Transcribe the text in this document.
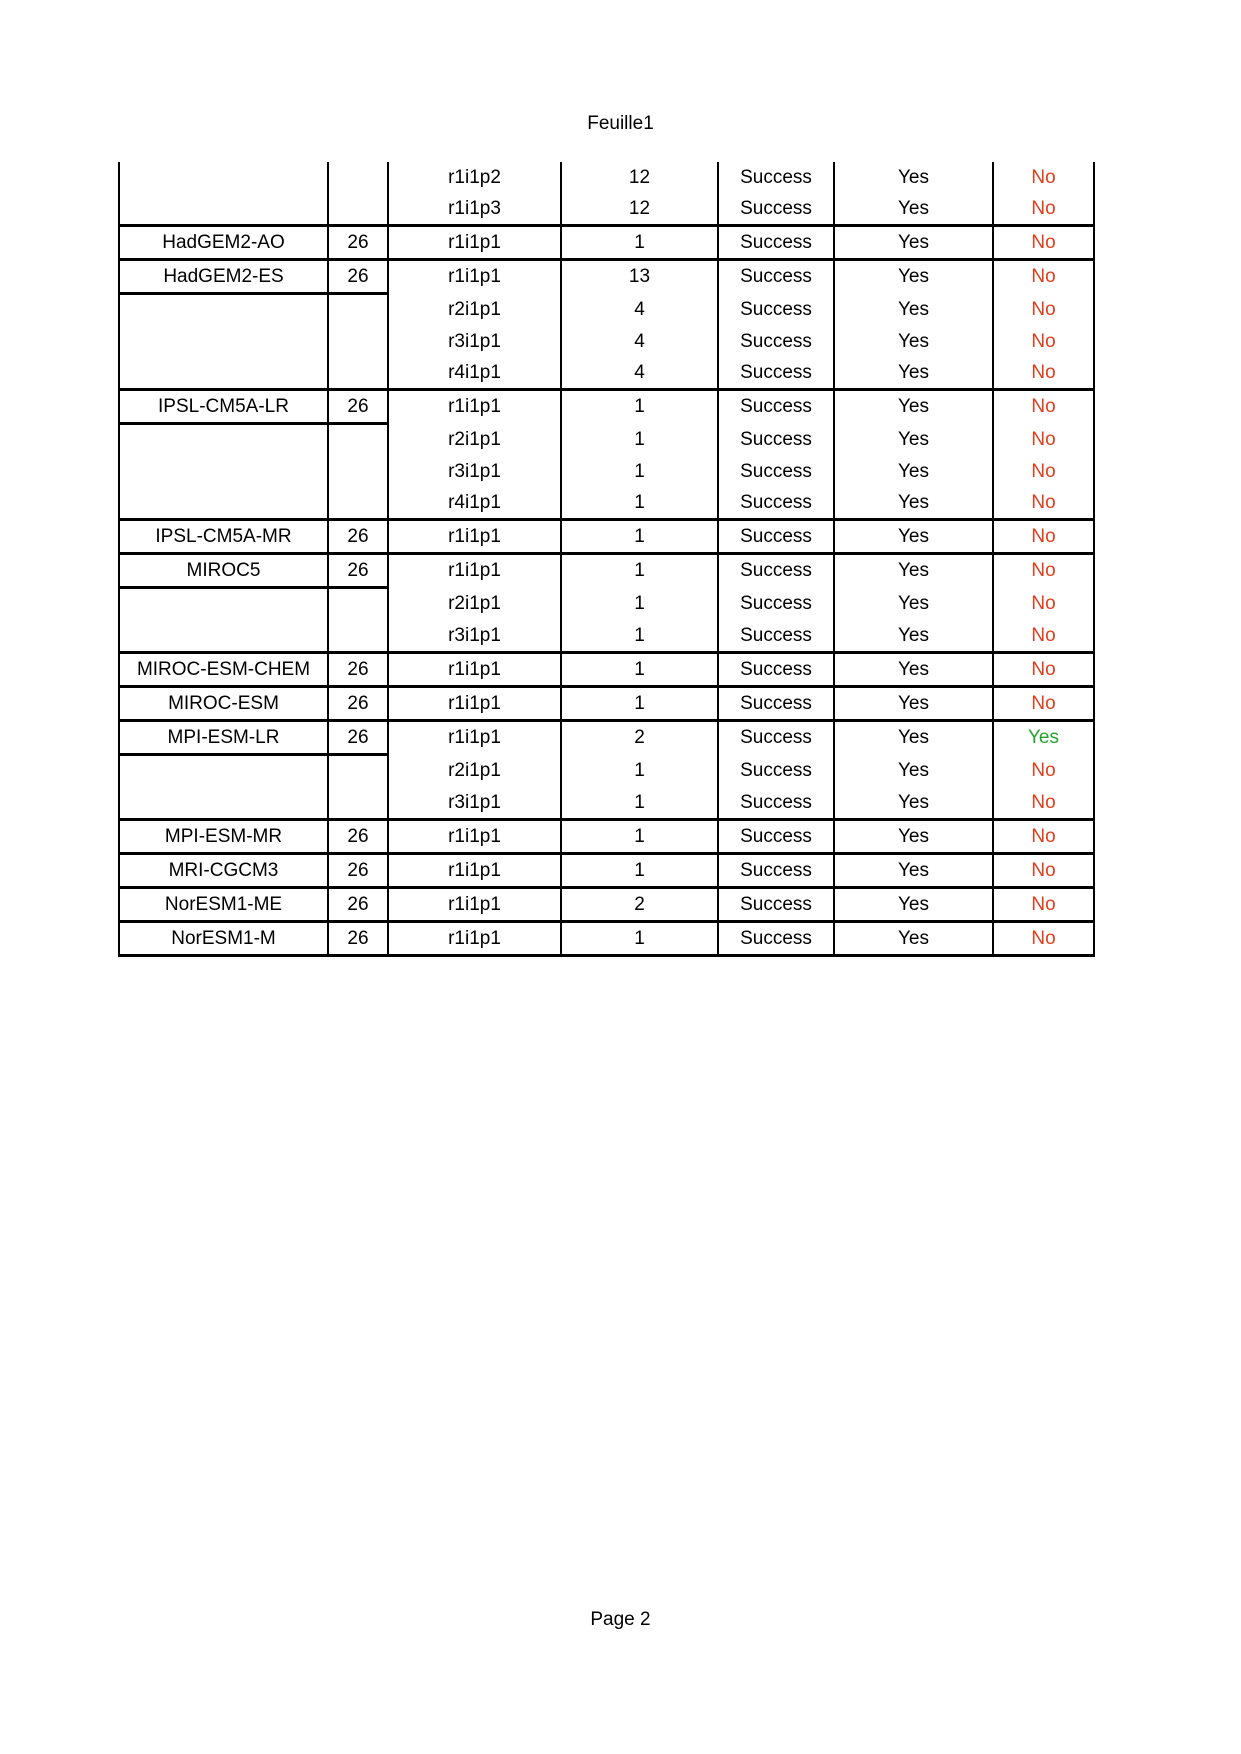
Feuille1
		r1i1p2	12	Success	Yes	No
		r1i1p3	12	Success	Yes	No
HadGEM2-AO	26	r1i1p1	1	Success	Yes	No
HadGEM2-ES	26	r1i1p1	13	Success	Yes	No
		r2i1p1	4	Success	Yes	No
		r3i1p1	4	Success	Yes	No
		r4i1p1	4	Success	Yes	No
IPSL-CM5A-LR	26	r1i1p1	1	Success	Yes	No
		r2i1p1	1	Success	Yes	No
		r3i1p1	1	Success	Yes	No
		r4i1p1	1	Success	Yes	No
IPSL-CM5A-MR	26	r1i1p1	1	Success	Yes	No
MIROC5	26	r1i1p1	1	Success	Yes	No
		r2i1p1	1	Success	Yes	No
		r3i1p1	1	Success	Yes	No
MIROC-ESM-CHEM	26	r1i1p1	1	Success	Yes	No
MIROC-ESM	26	r1i1p1	1	Success	Yes	No
MPI-ESM-LR	26	r1i1p1	2	Success	Yes	Yes
		r2i1p1	1	Success	Yes	No
		r3i1p1	1	Success	Yes	No
MPI-ESM-MR	26	r1i1p1	1	Success	Yes	No
MRI-CGCM3	26	r1i1p1	1	Success	Yes	No
NorESM1-ME	26	r1i1p1	2	Success	Yes	No
NorESM1-M	26	r1i1p1	1	Success	Yes	No
Page 2
